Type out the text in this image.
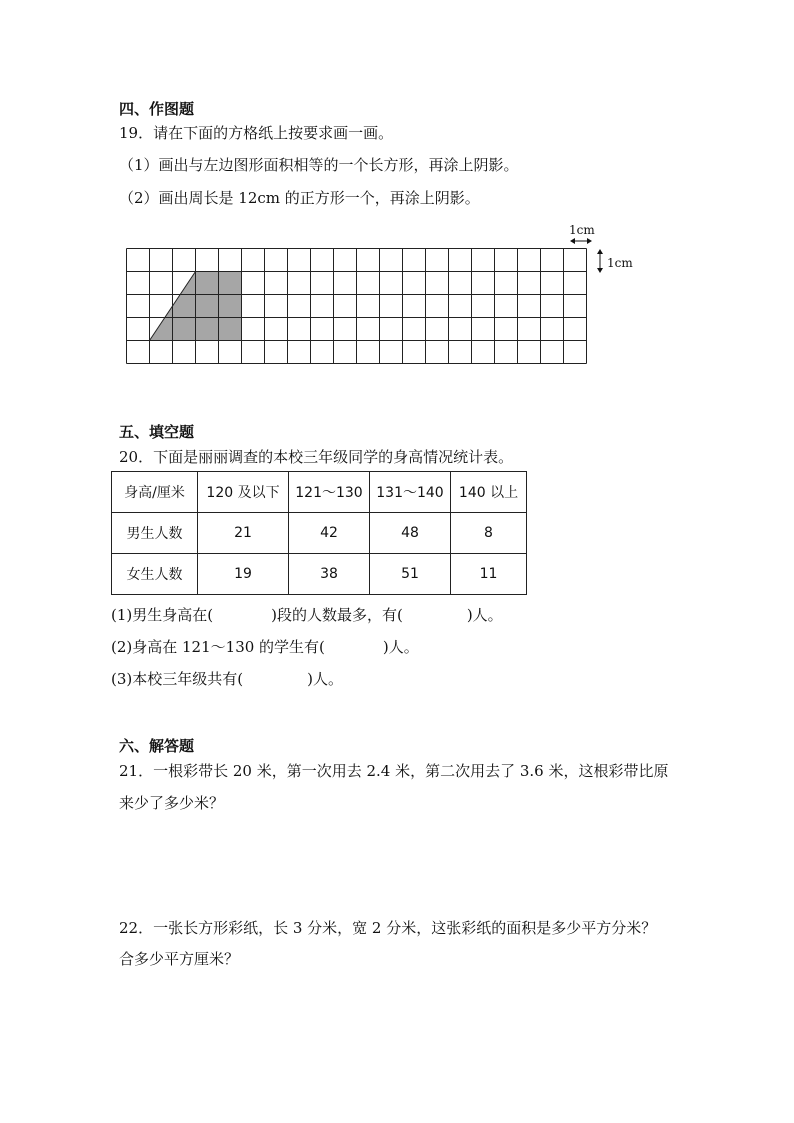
四、作图题
19．请在下面的方格纸上按要求画一画。
（1）画出与左边图形面积相等的一个长方形，再涂上阴影。
（2）画出周长是 12cm 的正方形一个，再涂上阴影。
1cm
1cm
五、填空题
20．下面是丽丽调查的本校三年级同学的身高情况统计表。
身高/厘米	120 及以下	121～130	131～140	140 以上
男生人数	21	42	48	8
女生人数	19	38	51	11
(1)男生身高在(	)段的人数最多，有(	)人。
(2)身高在 121～130 的学生有(	)人。
(3)本校三年级共有(	)人。
六、解答题
21．一根彩带长 20 米，第一次用去 2.4 米，第二次用去了 3.6 米，这根彩带比原
来少了多少米？
22．一张长方形彩纸，长 3 分米，宽 2 分米，这张彩纸的面积是多少平方分米？
合多少平方厘米？
